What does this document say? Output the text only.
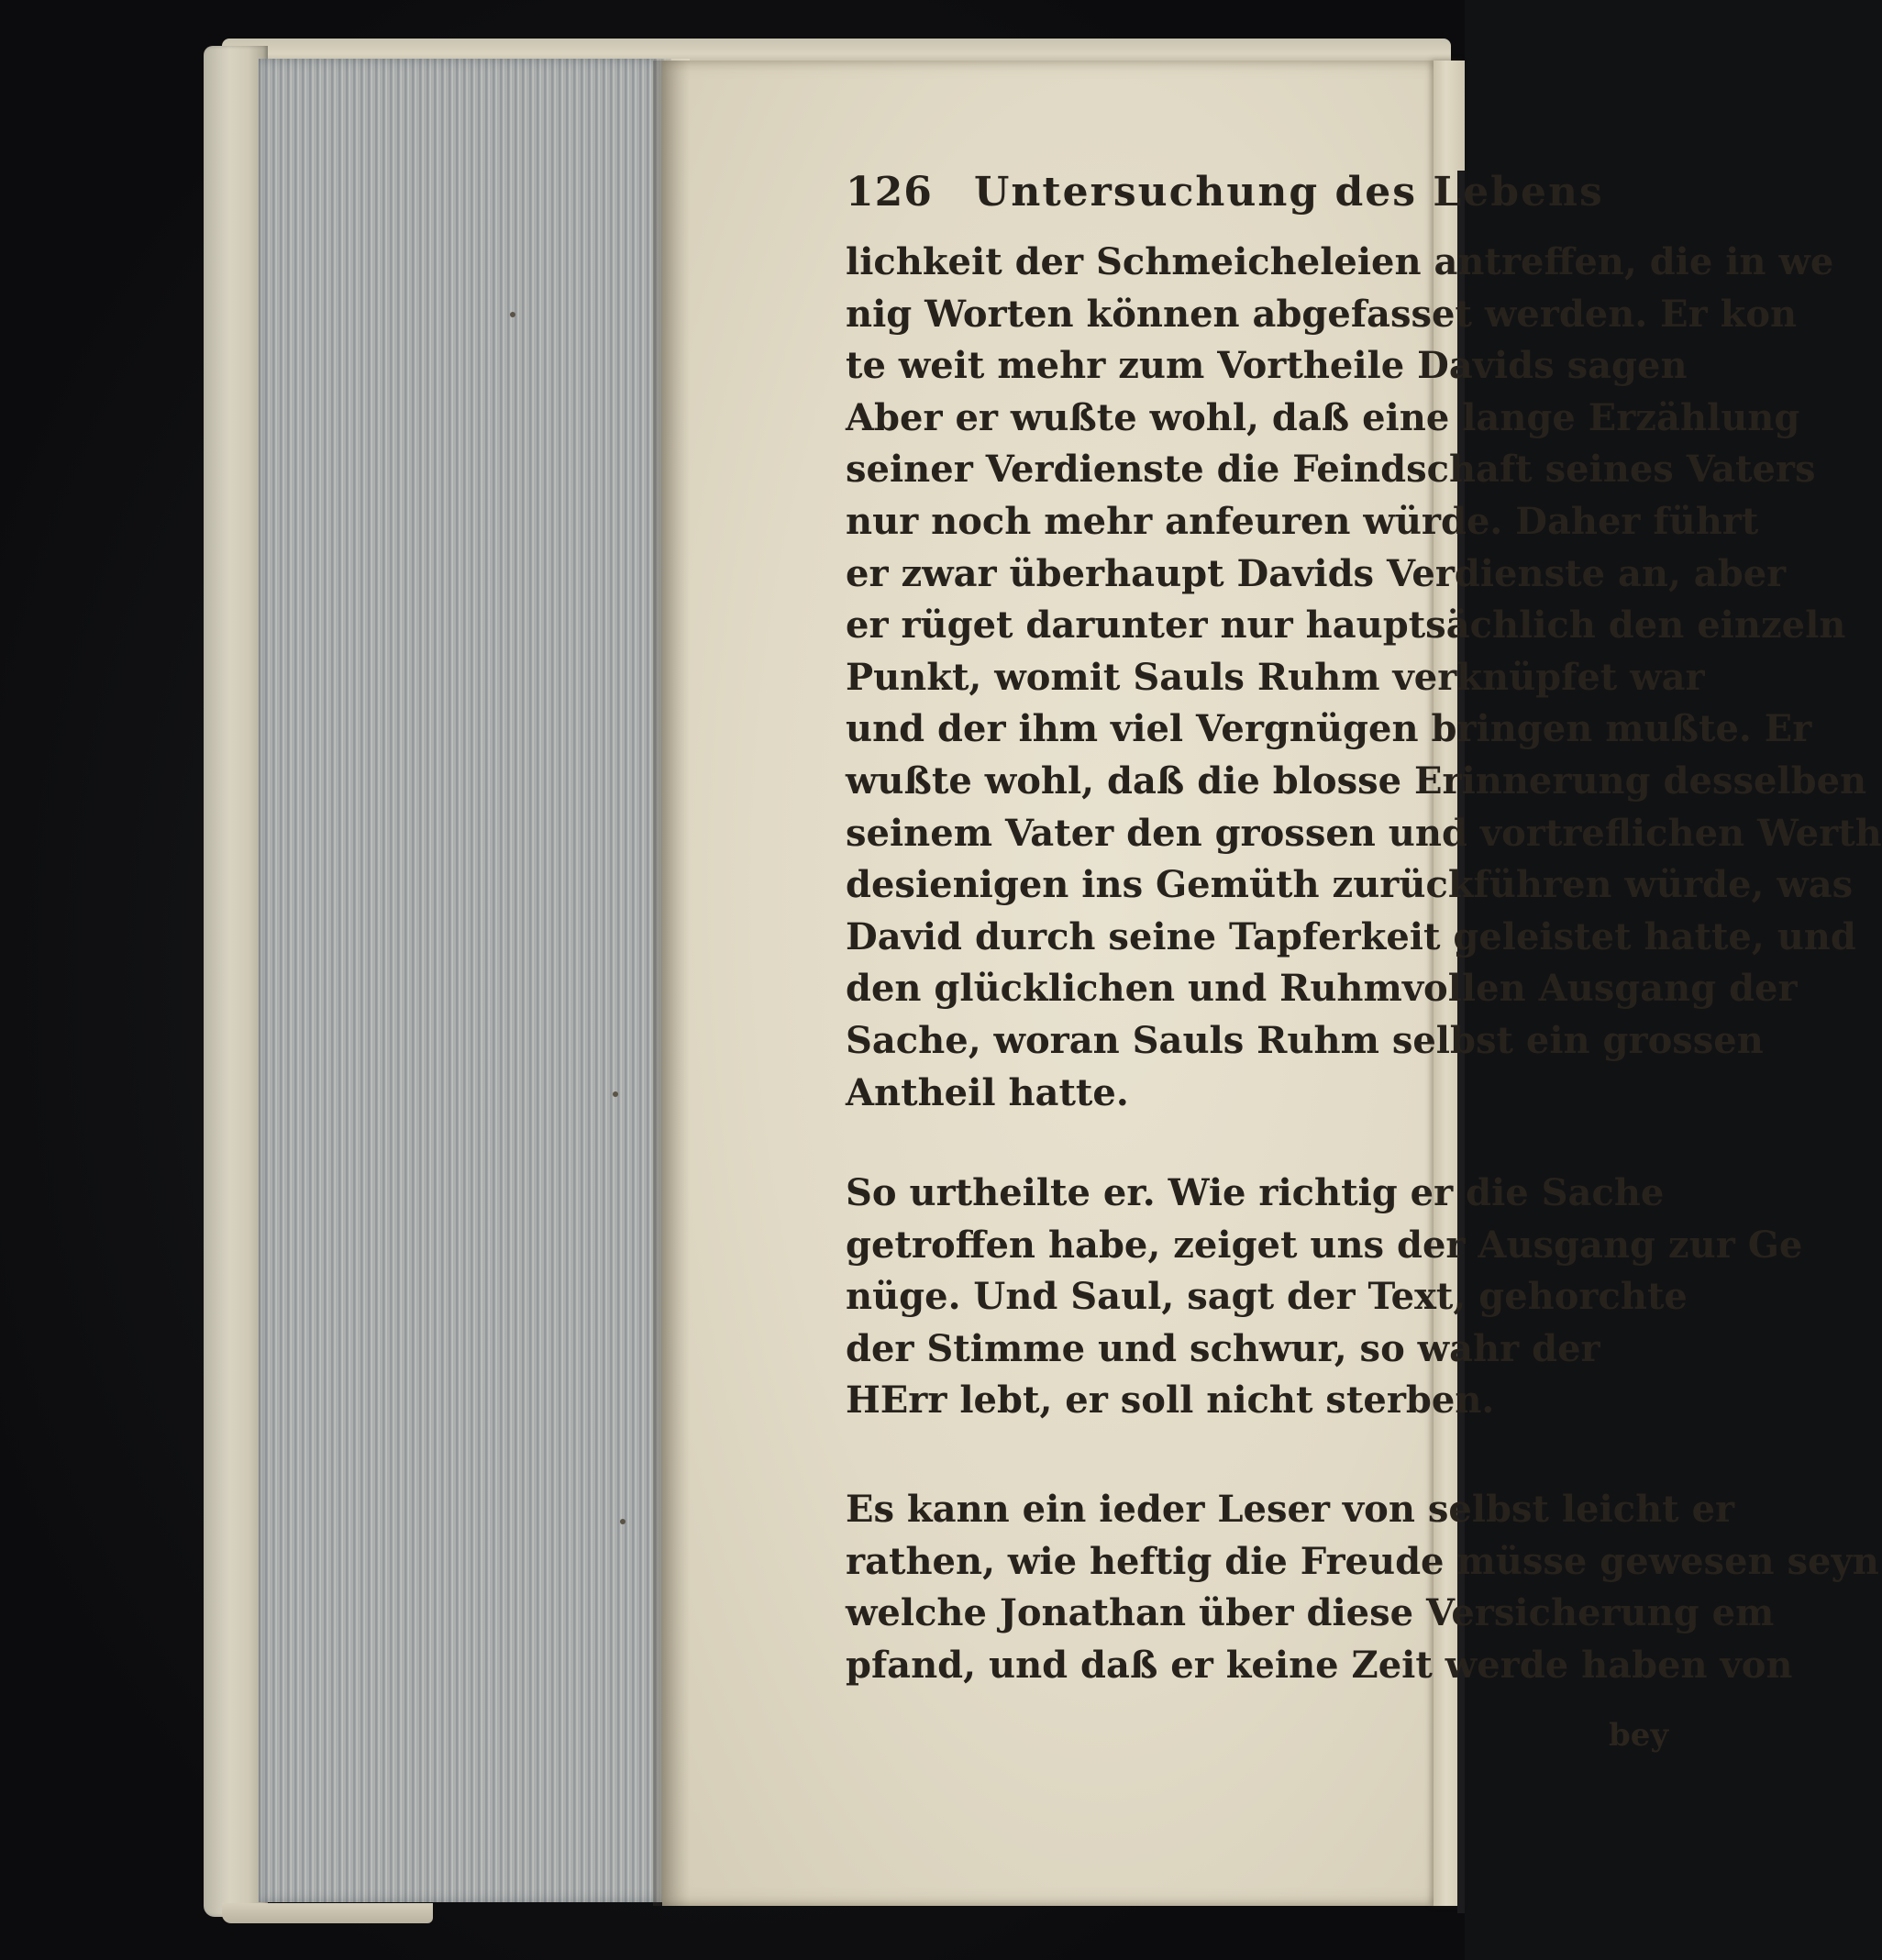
126	Untersuchung des Lebens

lichkeit der Schmeicheleien antreffen, die in we
nig Worten können abgefasset werden. Er kon
te weit mehr zum Vortheile Davids sagen
Aber er wußte wohl, daß eine lange Erzählung
seiner Verdienste die Feindschaft seines Vaters
nur noch mehr anfeuren würde. Daher führt
er zwar überhaupt Davids Verdienste an, aber
er rüget darunter nur hauptsächlich den einzeln
Punkt, womit Sauls Ruhm verknüpfet war
und der ihm viel Vergnügen bringen mußte. Er
wußte wohl, daß die blosse Erinnerung desselben
seinem Vater den grossen und vortreflichen Werth
desienigen ins Gemüth zurückführen würde, was
David durch seine Tapferkeit geleistet hatte, und
den glücklichen und Ruhmvollen Ausgang der
Sache, woran Sauls Ruhm selbst ein grossen
Antheil hatte.

So urtheilte er. Wie richtig er die Sache
getroffen habe, zeiget uns der Ausgang zur Ge
nüge. Und Saul, sagt der Text, gehorchte
der Stimme und schwur, so wahr der
HErr lebt, er soll nicht sterben.

Es kann ein ieder Leser von selbst leicht er
rathen, wie heftig die Freude müsse gewesen seyn
welche Jonathan über diese Versicherung em
pfand, und daß er keine Zeit werde haben von

bey
